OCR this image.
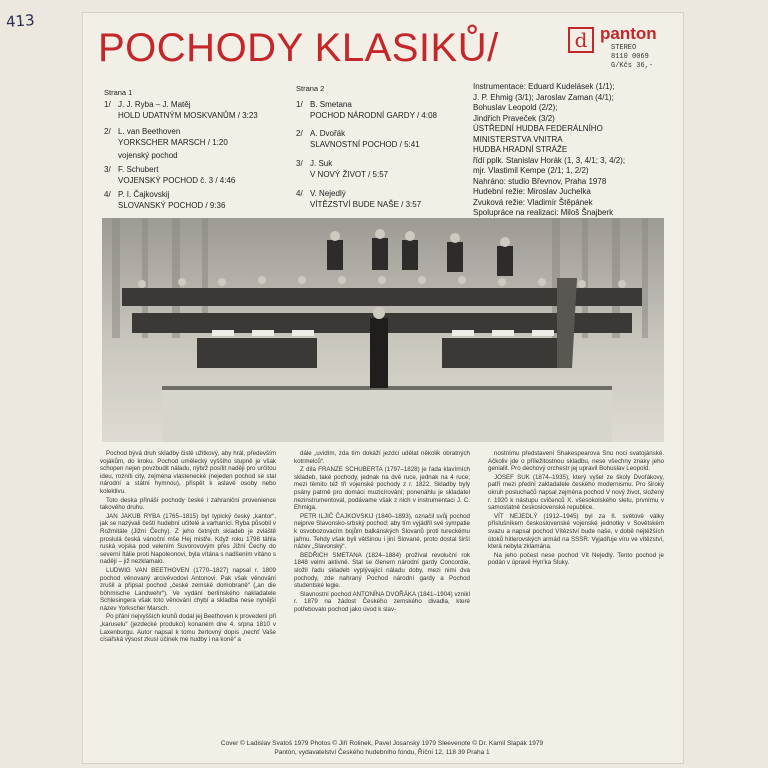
413
POCHODY KLASIKŮ/	d panton
STEREO
8110 0069
G/Kčs 36,-
Strana 1
1/ J. J. Ryba – J. Matěj
HOLD UDATNÝM MOSKVANŮM / 3:23
2/ L. van Beethoven
YORKSCHER MARSCH / 1:20
vojenský pochod
3/ F. Schubert
VOJENSKÝ POCHOD č. 3 / 4:46
4/ P. I. Čajkovskij
SLOVANSKÝ POCHOD / 9:36
Strana 2
1/ B. Smetana
POCHOD NÁRODNÍ GARDY / 4:08
2/ A. Dvořák
SLAVNOSTNÍ POCHOD / 5:41
3/ J. Suk
V NOVÝ ŽIVOT / 5:57
4/ V. Nejedlý
VÍTĚZSTVÍ BUDE NAŠE / 3:57
Instrumentace: Eduard Kudelásek (1/1);
J. P. Ehmig (3/1); Jaroslav Zaman (4/1);
Bohuslav Leopold (2/2);
Jindřich Praveček (3/2)
ÚSTŘEDNÍ HUDBA FEDERÁLNÍHO
MINISTERSTVA VNITRA
HUDBA HRADNÍ STRÁŽE
řídí pplk. Stanislav Horák (1, 3, 4/1; 3, 4/2);
mjr. Vlastimil Kempe (2/1; 1, 2/2)
Nahráno: studio Břevnov, Praha 1978
Hudební režie: Miroslav Juchelka
Zvuková režie: Vladimír Štěpánek
Spolupráce na realizaci: Miloš Šnajberk

Pochod bývá druh skladby čistě užitkový, aby hrál, především vojákům, do kroku. Pochod umělecký vyššího stupně je však schopen nejen povzbudit náladu, nýbrž posílit naději pro určitou ideu, rozníti city, zejména vlastenecké (nejeden pochod se stal národní a státní hymnou), přispět k aslavě osoby nebo kolektivu.

Toto deska přináší pochody české i zahraniční provenience takového druhu.

JAN JAKUB RYBA (1765–1815) byl typický český „kantor“, jak se nazývali čeští hudební učitelé a varhaníci. Ryba působil v Rožmitále (Jižní Čechy). Z jeho četných skladeb je zvláště proslulá česká vánoční mše Hej mistře. Když roku 1798 táhla ruská vojska pod velením Suvorovovým přes Jižní Čechy do severní Itálie proti Napoleonovi, byla vítána s nadšením vítáno s nadějí – již nezklamalo.

LUDWIG VAN BEETHOVEN (1770–1827) napsal r. 1809 pochod věnovaný arcivévodovi Antonovi. Pak však věnování zrušil a připsal pochod „české zemské domobraně“ („an die böhmische Landwehr“). Ve vydání berlínského nakladatele Schlesingera však toto věnování chybí a skladba nese nynější název Yorkscher Marsch.

Po přání nejvyšších kruhů dodal jej Beethoven k provedení při „karuselu“ (jezdecké produkci) konaném dne 4. srpna 1810 v Laxenburgu. Autor napsal k tomu žertovný dopis „nechť Vaše císařská výsost zkusí účinek mé hudby i na koně“ a

dále „uvidím, zda tím dokáží jezdci udělat několik obratných kotrmelců“.

Z díla FRANZE SCHUBERTA (1797–1828) je řada klavírních skladeb, také pochody, jednak na dvě ruce, jednak na 4 ruce; mezi těmito též tři vojenské pochody z r. 1822. Skladby byly psány patrně pro domácí muzicírování; ponenáhlu je skladatel nezinstrumentoval, podávame však z nich v instrumentaci J. C. Ehmiga.

PETR ILJIČ ČAJKOVSKIJ (1840–1893), označil svůj pochod nejprve Slavonsko-srbský pochod; aby tím vyjádřil své sympatie k osvobozovacím bojům balkánských Slovanů proti tureckému jařmu. Tehdy však byli většinou i jiní Slované, proto dostal širší název „Slavonský“.

BEDŘICH SMETANA (1824–1884) prožíval revoluční rok 1848 velmi aktivně. Stal se členem národní gardy Concordie, složil řadu skladeb vyplývající náladu doby, mezi nimi dva pochody, zde nahraný Pochod národní gardy a Pochod studentské legie.

Slavnostní pochod ANTONÍNA DVOŘÁKA (1841–1904) vznikl r. 1879 na žádost Českého zemského divadla, které potřebovalo pochod jako úvod k slav-

nostnímu představení Shakespearova Snu noci svatojánské. Ačkoliv jde o příležitostnou skladbu, nese všechny znaky jeho genialit. Pro dechový orchestr jej upravil Bohuslav Leopold.

JOSEF SUK (1874–1935), který vyšel ze školy Dvořákovy, patří mezi přední zakladatele českého modernismu. Pro široký okruh posluchačů napsal zejména pochod V nový život, složený r. 1920 k nástupu cvičenců X. všesokolského sletu, prvnímu v samostatné československé republice.

VÍT NEJEDLÝ (1912–1945) byl za II. světové války příslušníkem československé vojenské jednotky v Sovětském svazu a napsal pochod Vítězství bude naše, v době nejtěžších útoků hitlerovských armád na SSSR. Vyjadřuje víru ve vítězství, která nebyla zklamána.

Na jeho počest nese pochod Vít Nejedlý. Tento pochod je podán v úpravě Hyn'ka Sluky.

Cover © Ladislav Svatoš 1979 Photos © Jiří Rolinek, Pavel Josanský 1979 Sleevenote © Dr. Kamil Slapák 1979
Panton, vydavatelství Českého hudebního fondu, Říční 12, 118 39 Praha 1
